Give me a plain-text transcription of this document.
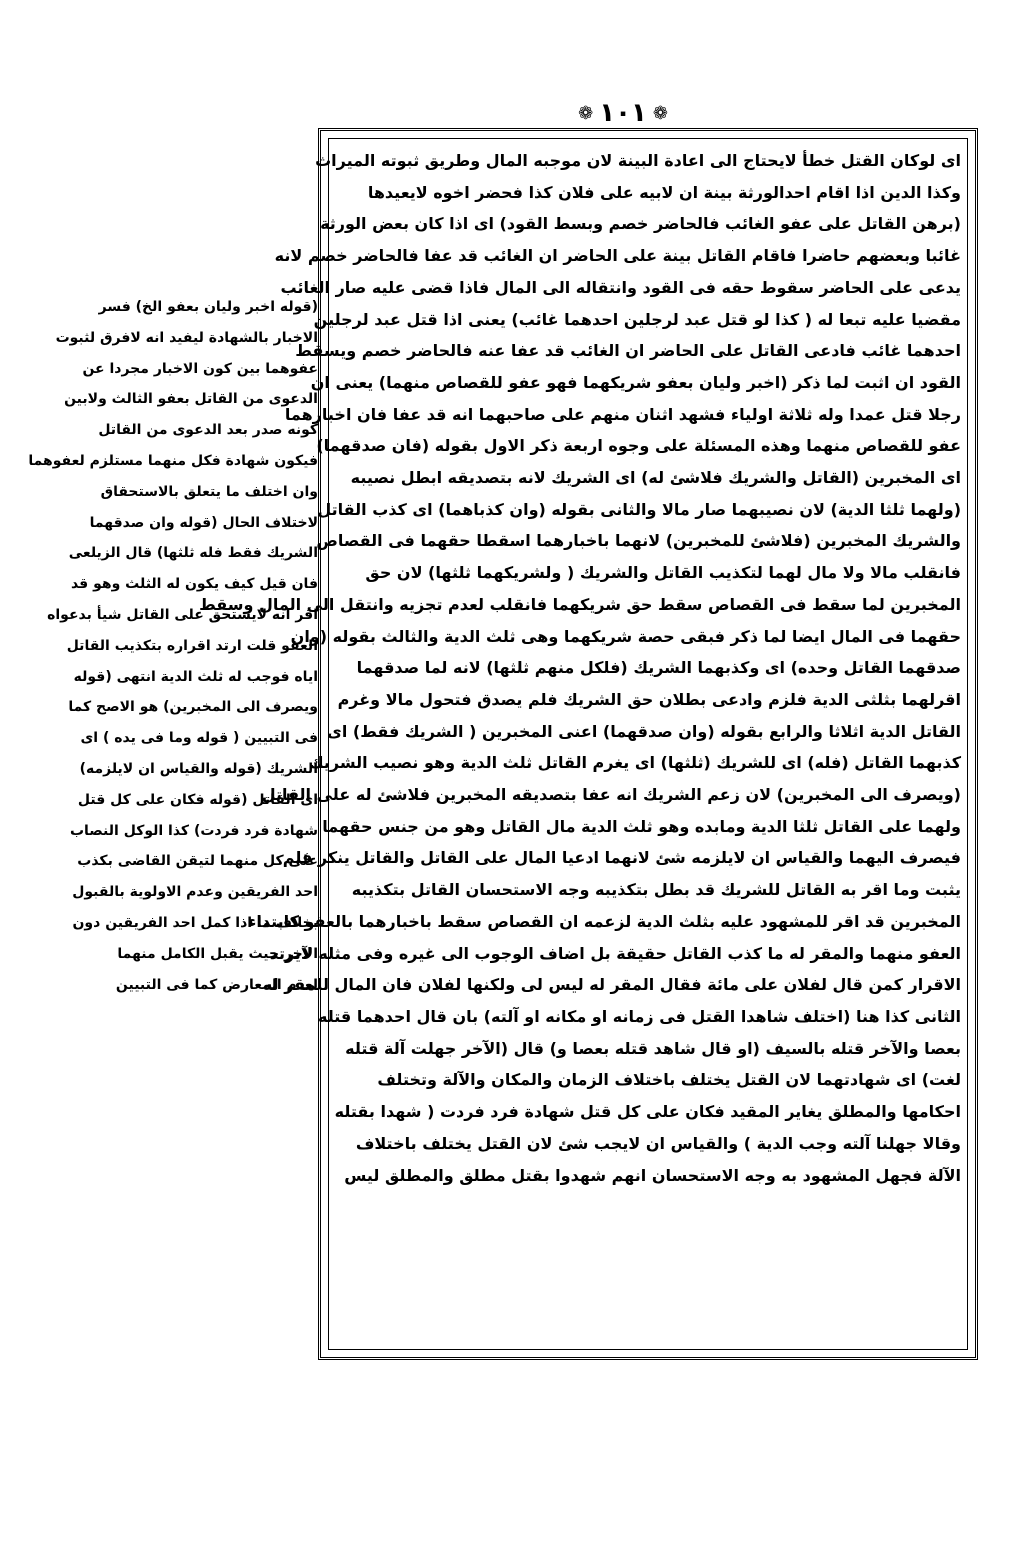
❁
١٠١
❁
اى لوكان القتل خطأ لايحتاج الى اعادة البينة لان موجبه المال وطريق ثبوته الميراث
وكذا الدين اذا اقام احدالورثة بينة ان لابيه على فلان كذا فحضر اخوه لايعيدها
(برهن القاتل على عفو الغائب فالحاضر خصم وبسط القود) اى اذا كان بعض الورثة
غائبا وبعضهم حاضرا فاقام القاتل بينة على الحاضر ان الغائب قد عفا فالحاضر خصم لانه
يدعى على الحاضر سقوط حقه فى القود وانتقاله الى المال فاذا قضى عليه صار الغائب
مقضيا عليه تبعا له ( كذا لو قتل عبد لرجلين احدهما غائب) يعنى اذا قتل عبد لرجلين
احدهما غائب فادعى القاتل على الحاضر ان الغائب قد عفا عنه فالحاضر خصم ويسقط
القود ان اثبت لما ذكر (اخبر وليان بعفو شريكهما فهو عفو للقصاص منهما) يعنى ان
رجلا قتل عمدا وله ثلاثة اولياء فشهد اثنان منهم على صاحبهما انه قد عفا فان اخبارهما
عفو للقصاص منهما وهذه المسئلة على وجوه اربعة ذكر الاول بقوله (فان صدقهما)
اى المخبرين (القاتل والشريك فلاشئ له) اى الشريك لانه بتصديقه ابطل نصيبه
(ولهما ثلثا الدية) لان نصيبهما صار مالا والثانى بقوله (وان كذباهما) اى كذب القاتل
والشريك المخبرين (فلاشئ للمخبرين) لانهما باخبارهما اسقطا حقهما فى القصاص
فانقلب مالا ولا مال لهما لتكذيب القاتل والشريك ( ولشريكهما ثلثها) لان حق
المخبرين لما سقط فى القصاص سقط حق شريكهما فانقلب لعدم تجزيه وانتقل الى المال وسقط
حقهما فى المال ايضا لما ذكر فبقى حصة شريكهما وهى ثلث الدية والثالث بقوله (وان
صدقهما القاتل وحده) اى وكذبهما الشريك (فلكل منهم ثلثها) لانه لما صدقهما
اقرلهما بثلثى الدية فلزم وادعى بطلان حق الشريك فلم يصدق فتحول مالا وغرم
القاتل الدية اثلاثا والرابع بقوله (وان صدقهما) اعنى المخبرين ( الشريك فقط) اى
كذبهما القاتل (فله) اى للشريك (ثلثها) اى يغرم القاتل ثلث الدية وهو نصيب الشريك
(ويصرف الى المخبرين) لان زعم الشريك انه عفا بتصديقه المخبرين فلاشئ له على القاتل
ولهما على القاتل ثلثا الدية ومابده وهو ثلث الدية مال القاتل وهو من جنس حقهما
فيصرف اليهما والقياس ان لايلزمه شئ لانهما ادعيا المال على القاتل والقاتل ينكر فلم
يثبت وما اقر به القاتل للشريك قد بطل بتكذيبه وجه الاستحسان القاتل بتكذيبه
المخبرين قد اقر للمشهود عليه بثلث الدية لزعمه ان القصاص سقط باخبارهما بالعفو كابتداء
العفو منهما والمقر له ما كذب القاتل حقيقة بل اضاف الوجوب الى غيره وفى مثله لايرتد
الاقرار كمن قال لفلان على مائة فقال المقر له ليس لى ولكنها لفلان فان المال للمقر له
الثانى كذا هنا (اختلف شاهدا القتل فى زمانه او مكانه او آلته) بان قال احدهما قتله
بعصا والآخر قتله بالسيف (او قال شاهد قتله بعصا و) قال (الآخر جهلت آلة قتله
لغت) اى شهادتهما لان القتل يختلف باختلاف الزمان والمكان والآلة وتختلف
احكامها والمطلق يغاير المقيد فكان على كل قتل شهادة فرد فردت ( شهدا بقتله
وقالا جهلنا آلته وجب الدية ) والقياس ان لايجب شئ لان القتل يختلف باختلاف
الآلة فجهل المشهود به وجه الاستحسان انهم شهدوا بقتل مطلق والمطلق ليس
(قوله اخبر وليان بعفو الخ) فسر
الاخبار بالشهادة ليفيد انه لافرق لثبوت
عفوهما بين كون الاخبار مجردا عن
الدعوى من القاتل بعفو الثالث ولابين
كونه صدر بعد الدعوى من القاتل
فيكون شهادة فكل منهما مستلزم لعفوهما
وان اختلف ما يتعلق بالاستحقاق
لاختلاف الحال (قوله وان صدقهما
الشريك فقط فله ثلثها) قال الزيلعى
فان قيل كيف يكون له الثلث وهو قد
اقر انه لايستحق على القاتل شيأ بدعواه
العفو قلت ارتد اقراره بتكذيب القاتل
اياه فوجب له ثلث الدية انتهى (قوله
ويصرف الى المخبرين) هو الاصح كما
فى التبيين ( قوله وما فى يده ) اى
الشريك (قوله والقياس ان لايلزمه)
اى القاتل (قوله فكان على كل قتل
شهادة فرد فردت) كذا الوكل النصاب
على كل منهما لتيقن القاضى بكذب
احد الفريقين وعدم الاولوية بالقبول
بخلاف ما اذا كمل احد الفريقين دون
الآخر حيث يقبل الكامل منهما
لعدم المعارض كما فى التبيين
